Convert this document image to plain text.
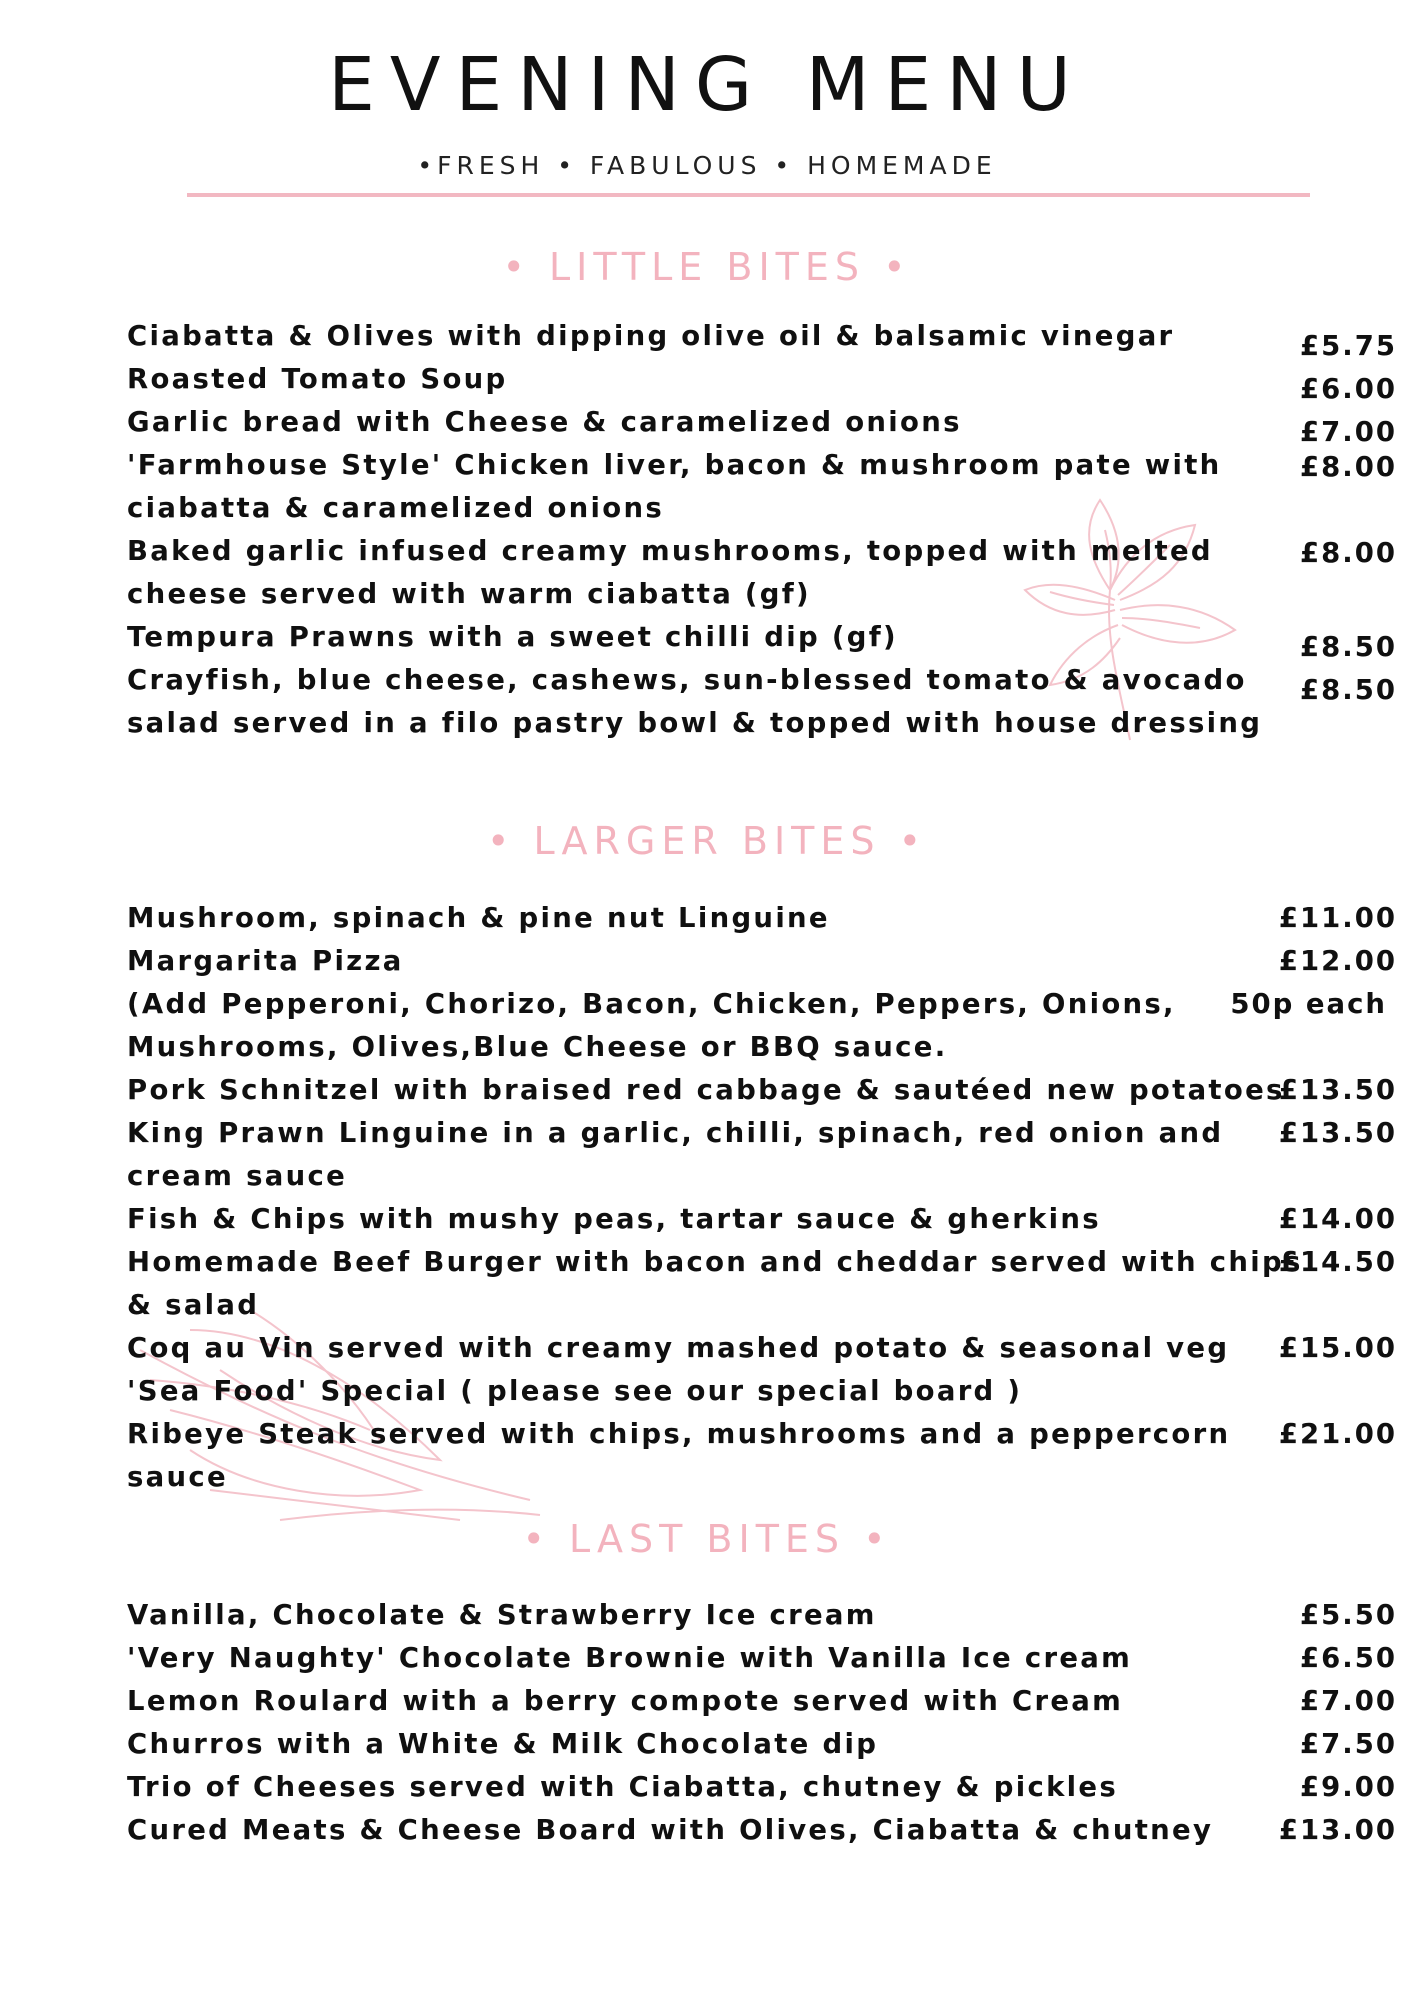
EVENING MENU
•FRESH • FABULOUS • HOMEMADE
• LITTLE BITES •
Ciabatta & Olives with dipping olive oil & balsamic vinegar	£5.75
Roasted Tomato Soup	£6.00
Garlic bread with Cheese & caramelized onions	£7.00
'Farmhouse Style' Chicken liver, bacon & mushroom pate with
ciabatta & caramelized onions
£8.00
Baked garlic infused creamy mushrooms, topped with melted
cheese served with warm ciabatta (gf)
£8.00
Tempura Prawns with a sweet chilli dip (gf)	£8.50
Crayfish, blue cheese, cashews, sun-blessed tomato & avocado
salad served in a filo pastry bowl & topped with house dressing
£8.50
• LARGER BITES •
Mushroom, spinach & pine nut Linguine	£11.00
Margarita Pizza	£12.00
(Add Pepperoni, Chorizo, Bacon, Chicken, Peppers, Onions,
Mushrooms, Olives,Blue Cheese or BBQ sauce.
50p each
Pork Schnitzel with braised red cabbage & sautéed new potatoes
£13.50
King Prawn Linguine in a garlic, chilli, spinach, red onion and
cream sauce
£13.50
Fish & Chips with mushy peas, tartar sauce & gherkins	£14.00
Homemade Beef Burger with bacon and cheddar served with chips
& salad
£14.50
Coq au Vin served with creamy mashed potato & seasonal veg	£15.00
'Sea Food' Special ( please see our special board )
Ribeye Steak served with chips, mushrooms and a peppercorn
sauce
£21.00
• LAST BITES •
Vanilla, Chocolate & Strawberry Ice cream	£5.50
'Very Naughty' Chocolate Brownie with Vanilla Ice cream	£6.50
Lemon Roulard with a berry compote served with Cream	£7.00
Churros with a White & Milk Chocolate dip	£7.50
Trio of Cheeses served with Ciabatta, chutney & pickles	£9.00
Cured Meats & Cheese Board with Olives, Ciabatta & chutney	£13.00
